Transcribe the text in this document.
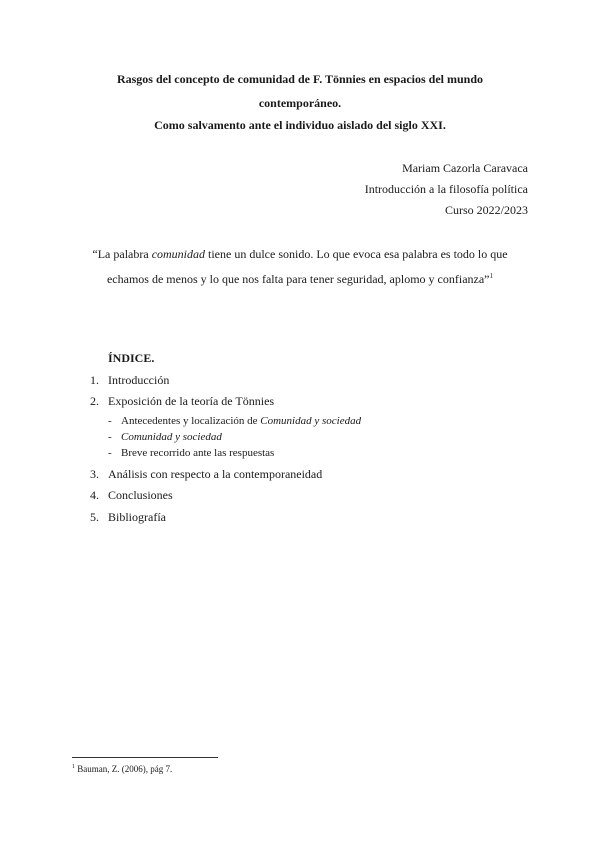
Rasgos del concepto de comunidad de F. Tönnies en espacios del mundo
contemporáneo.
Como salvamento ante el individuo aislado del siglo XXI.
Mariam Cazorla Caravaca
Introducción a la filosofía política
Curso 2022/2023
“La palabra comunidad tiene un dulce sonido. Lo que evoca esa palabra es todo lo que
echamos de menos y lo que nos falta para tener seguridad, aplomo y confianza”$^1$
ÍNDICE.
1. Introducción
2. Exposición de la teoría de Tönnies
- Antecedentes y localización de Comunidad y sociedad
- Comunidad y sociedad
- Breve recorrido ante las respuestas
3. Análisis con respecto a la contemporaneidad
4. Conclusiones
5. Bibliografía
$^1$ Bauman, Z. (2006), pág 7.
